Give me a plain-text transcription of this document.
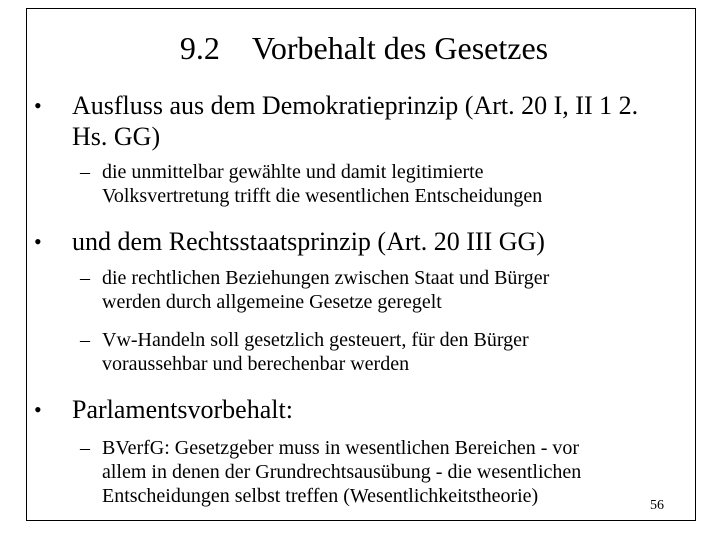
9.2 Vorbehalt des Gesetzes
• Ausfluss aus dem Demokratieprinzip (Art. 20 I, II 1 2.
Hs. GG)
– die unmittelbar gewählte und damit legitimierte
Volksvertretung trifft die wesentlichen Entscheidungen
• und dem Rechtsstaatsprinzip (Art. 20 III GG)
– die rechtlichen Beziehungen zwischen Staat und Bürger
werden durch allgemeine Gesetze geregelt
– Vw-Handeln soll gesetzlich gesteuert, für den Bürger
voraussehbar und berechenbar werden
• Parlamentsvorbehalt:
– BVerfG: Gesetzgeber muss in wesentlichen Bereichen - vor
allem in denen der Grundrechtsausübung - die wesentlichen
Entscheidungen selbst treffen (Wesentlichkeitstheorie)	56
